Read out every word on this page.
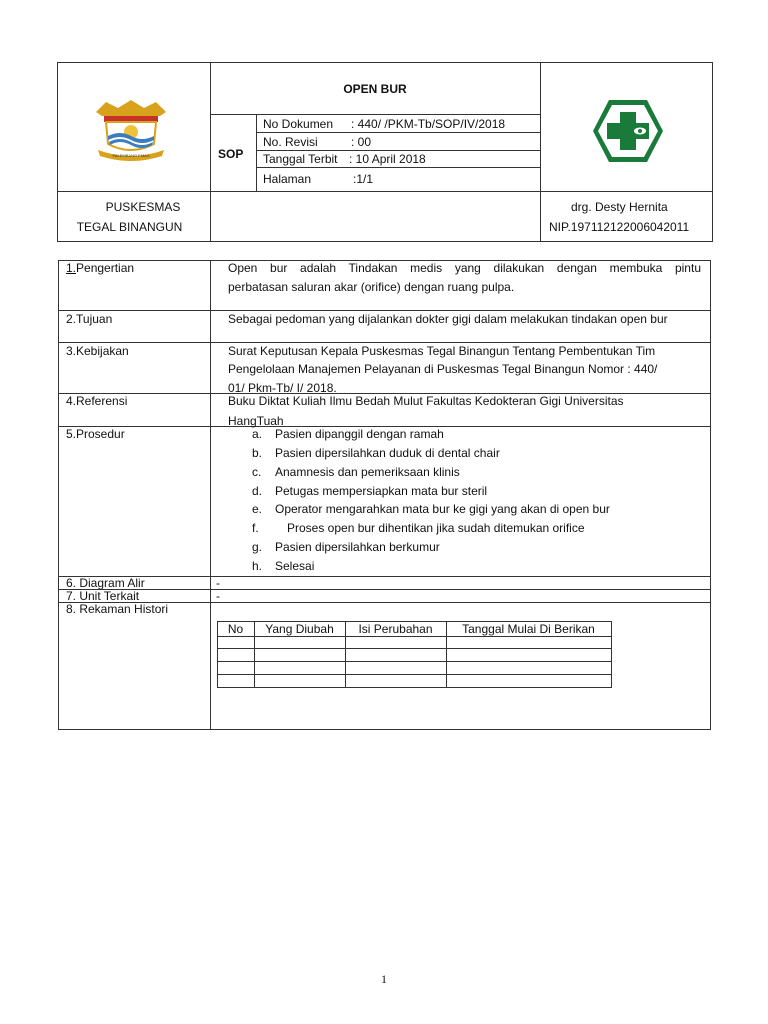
PALEMBANG EMAS
OPEN BUR
SOP
No Dokumen : 440/ /PKM-Tb/SOP/IV/2018
No. Revisi	: 00
Tanggal Terbit : 10 April 2018
Halaman	:1/1
PUSKESMAS
TEGAL BINANGUN
drg. Desty Hernita
NIP.197112122006042011
1.Pengertian	Open bur adalah Tindakan medis yang dilakukan dengan membuka pintu
perbatasan saluran akar (orifice) dengan ruang pulpa.
2.Tujuan	Sebagai pedoman yang dijalankan dokter gigi dalam melakukan tindakan open bur
3.Kebijakan	Surat Keputusan Kepala Puskesmas Tegal Binangun Tentang Pembentukan Tim
Pengelolaan Manajemen Pelayanan di Puskesmas Tegal Binangun Nomor : 440/
01/ Pkm-Tb/ I/ 2018.
4.Referensi	Buku Diktat Kuliah Ilmu Bedah Mulut Fakultas Kedokteran Gigi Universitas
HangTuah
5.Prosedur	a. Pasien dipanggil dengan ramah
b. Pasien dipersilahkan duduk di dental chair
c. Anamnesis dan pemeriksaan klinis
d. Petugas mempersiapkan mata bur steril
e. Operator mengarahkan mata bur ke gigi yang akan di open bur
f. Proses open bur dihentikan jika sudah ditemukan orifice
g. Pasien dipersilahkan berkumur
h. Selesai
6. Diagram Alir	-
7. Unit Terkait	-
8. Rekaman Histori
No	Yang Diubah	Isi Perubahan	Tanggal Mulai Di Berikan
1
